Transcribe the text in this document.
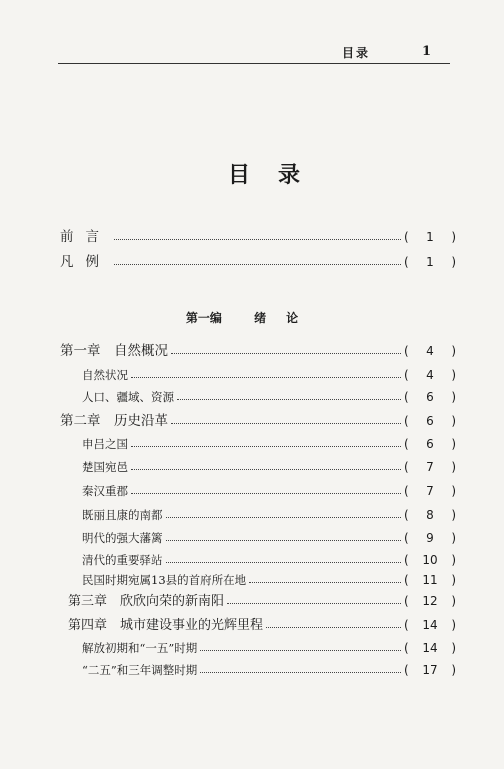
目录	1
目录
前言	(	1	)
凡例	(	1	)
第一编	绪论
第一章　自然概况	(	4	)
自然状况	(	4	)
人口、疆域、资源	(	6	)
第二章　历史沿革	(	6	)
申吕之国	(	6	)
楚国宛邑	(	7	)
秦汉重郡	(	7	)
既丽且康的南都	(	8	)
明代的强大藩篱	(	9	)
清代的重要驿站	(	10	)
民国时期宛属13县的首府所在地	(	11	)
第三章　欣欣向荣的新南阳	(	12	)
第四章　城市建设事业的光辉里程	(	14	)
解放初期和“一五”时期	(	14	)
“二五”和三年调整时期	(	17	)
